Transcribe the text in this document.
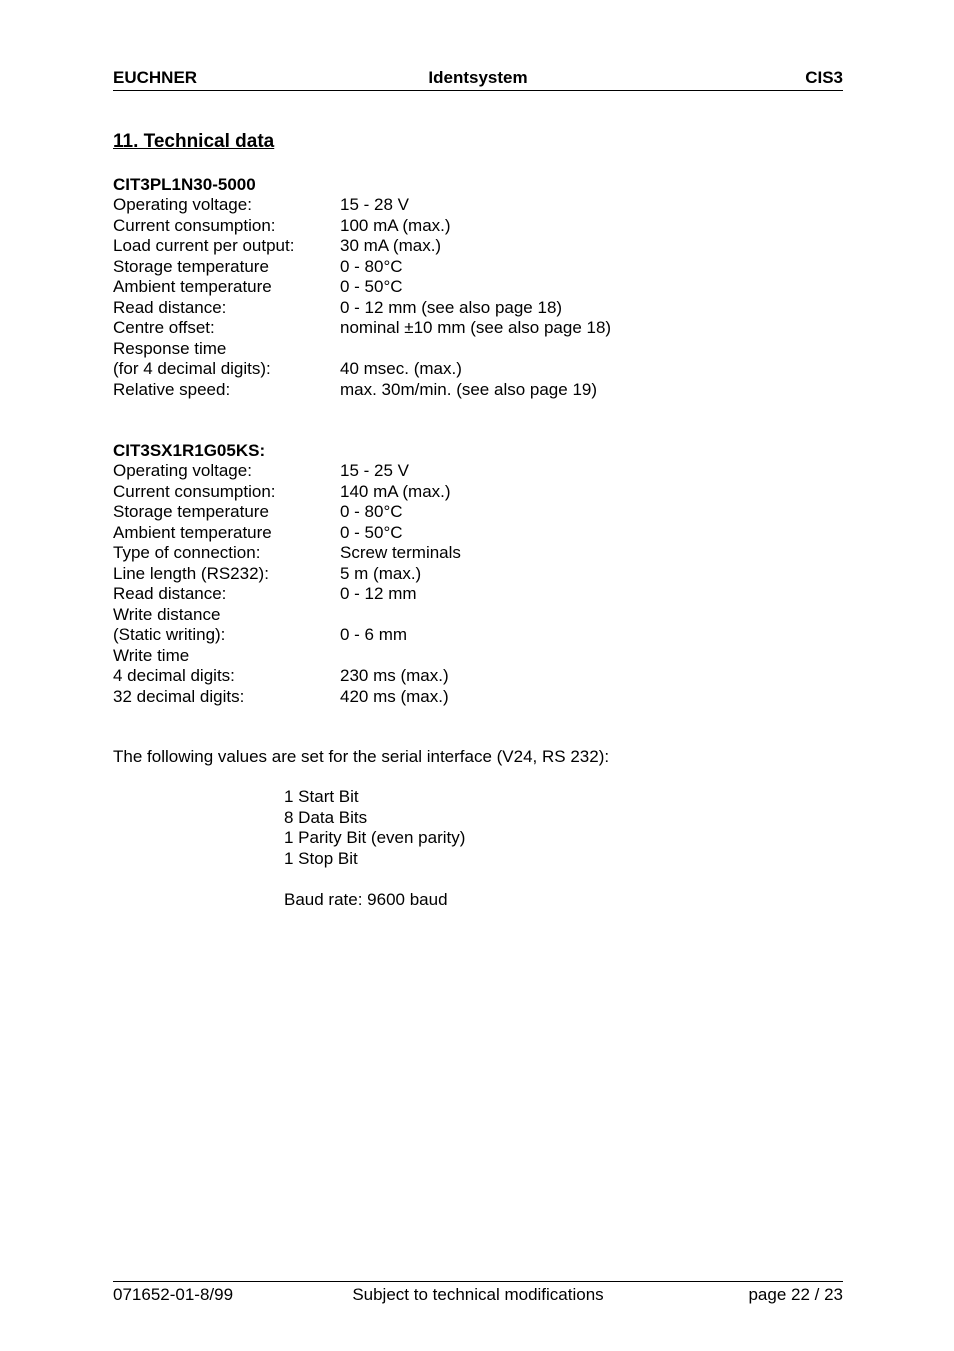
EUCHNER	Identsystem	CIS3
11. Technical data
CIT3PL1N30-5000
Operating voltage:	15 - 28 V
Current consumption:	100 mA (max.)
Load current per output:	30 mA (max.)
Storage temperature	0 - 80°C
Ambient temperature	0 - 50°C
Read distance:	0 - 12 mm (see also page 18)
Centre offset:	nominal ±10 mm (see also page 18)
Response time
(for 4 decimal digits):	40 msec. (max.)
Relative speed:	max. 30m/min. (see also page 19)
CIT3SX1R1G05KS:
Operating voltage:	15 - 25 V
Current consumption:	140 mA (max.)
Storage temperature	0 - 80°C
Ambient temperature	0 - 50°C
Type of connection:	Screw terminals
Line length (RS232):	5 m (max.)
Read distance:	0 - 12 mm
Write distance
(Static writing):	0 - 6 mm
Write time
4 decimal digits:	230 ms (max.)
32 decimal digits:	420 ms (max.)
The following values are set for the serial interface (V24, RS 232):
1 Start Bit
8 Data Bits
1 Parity Bit (even parity)
1 Stop Bit
Baud rate: 9600 baud
071652-01-8/99	Subject to technical modifications	page 22 / 23
